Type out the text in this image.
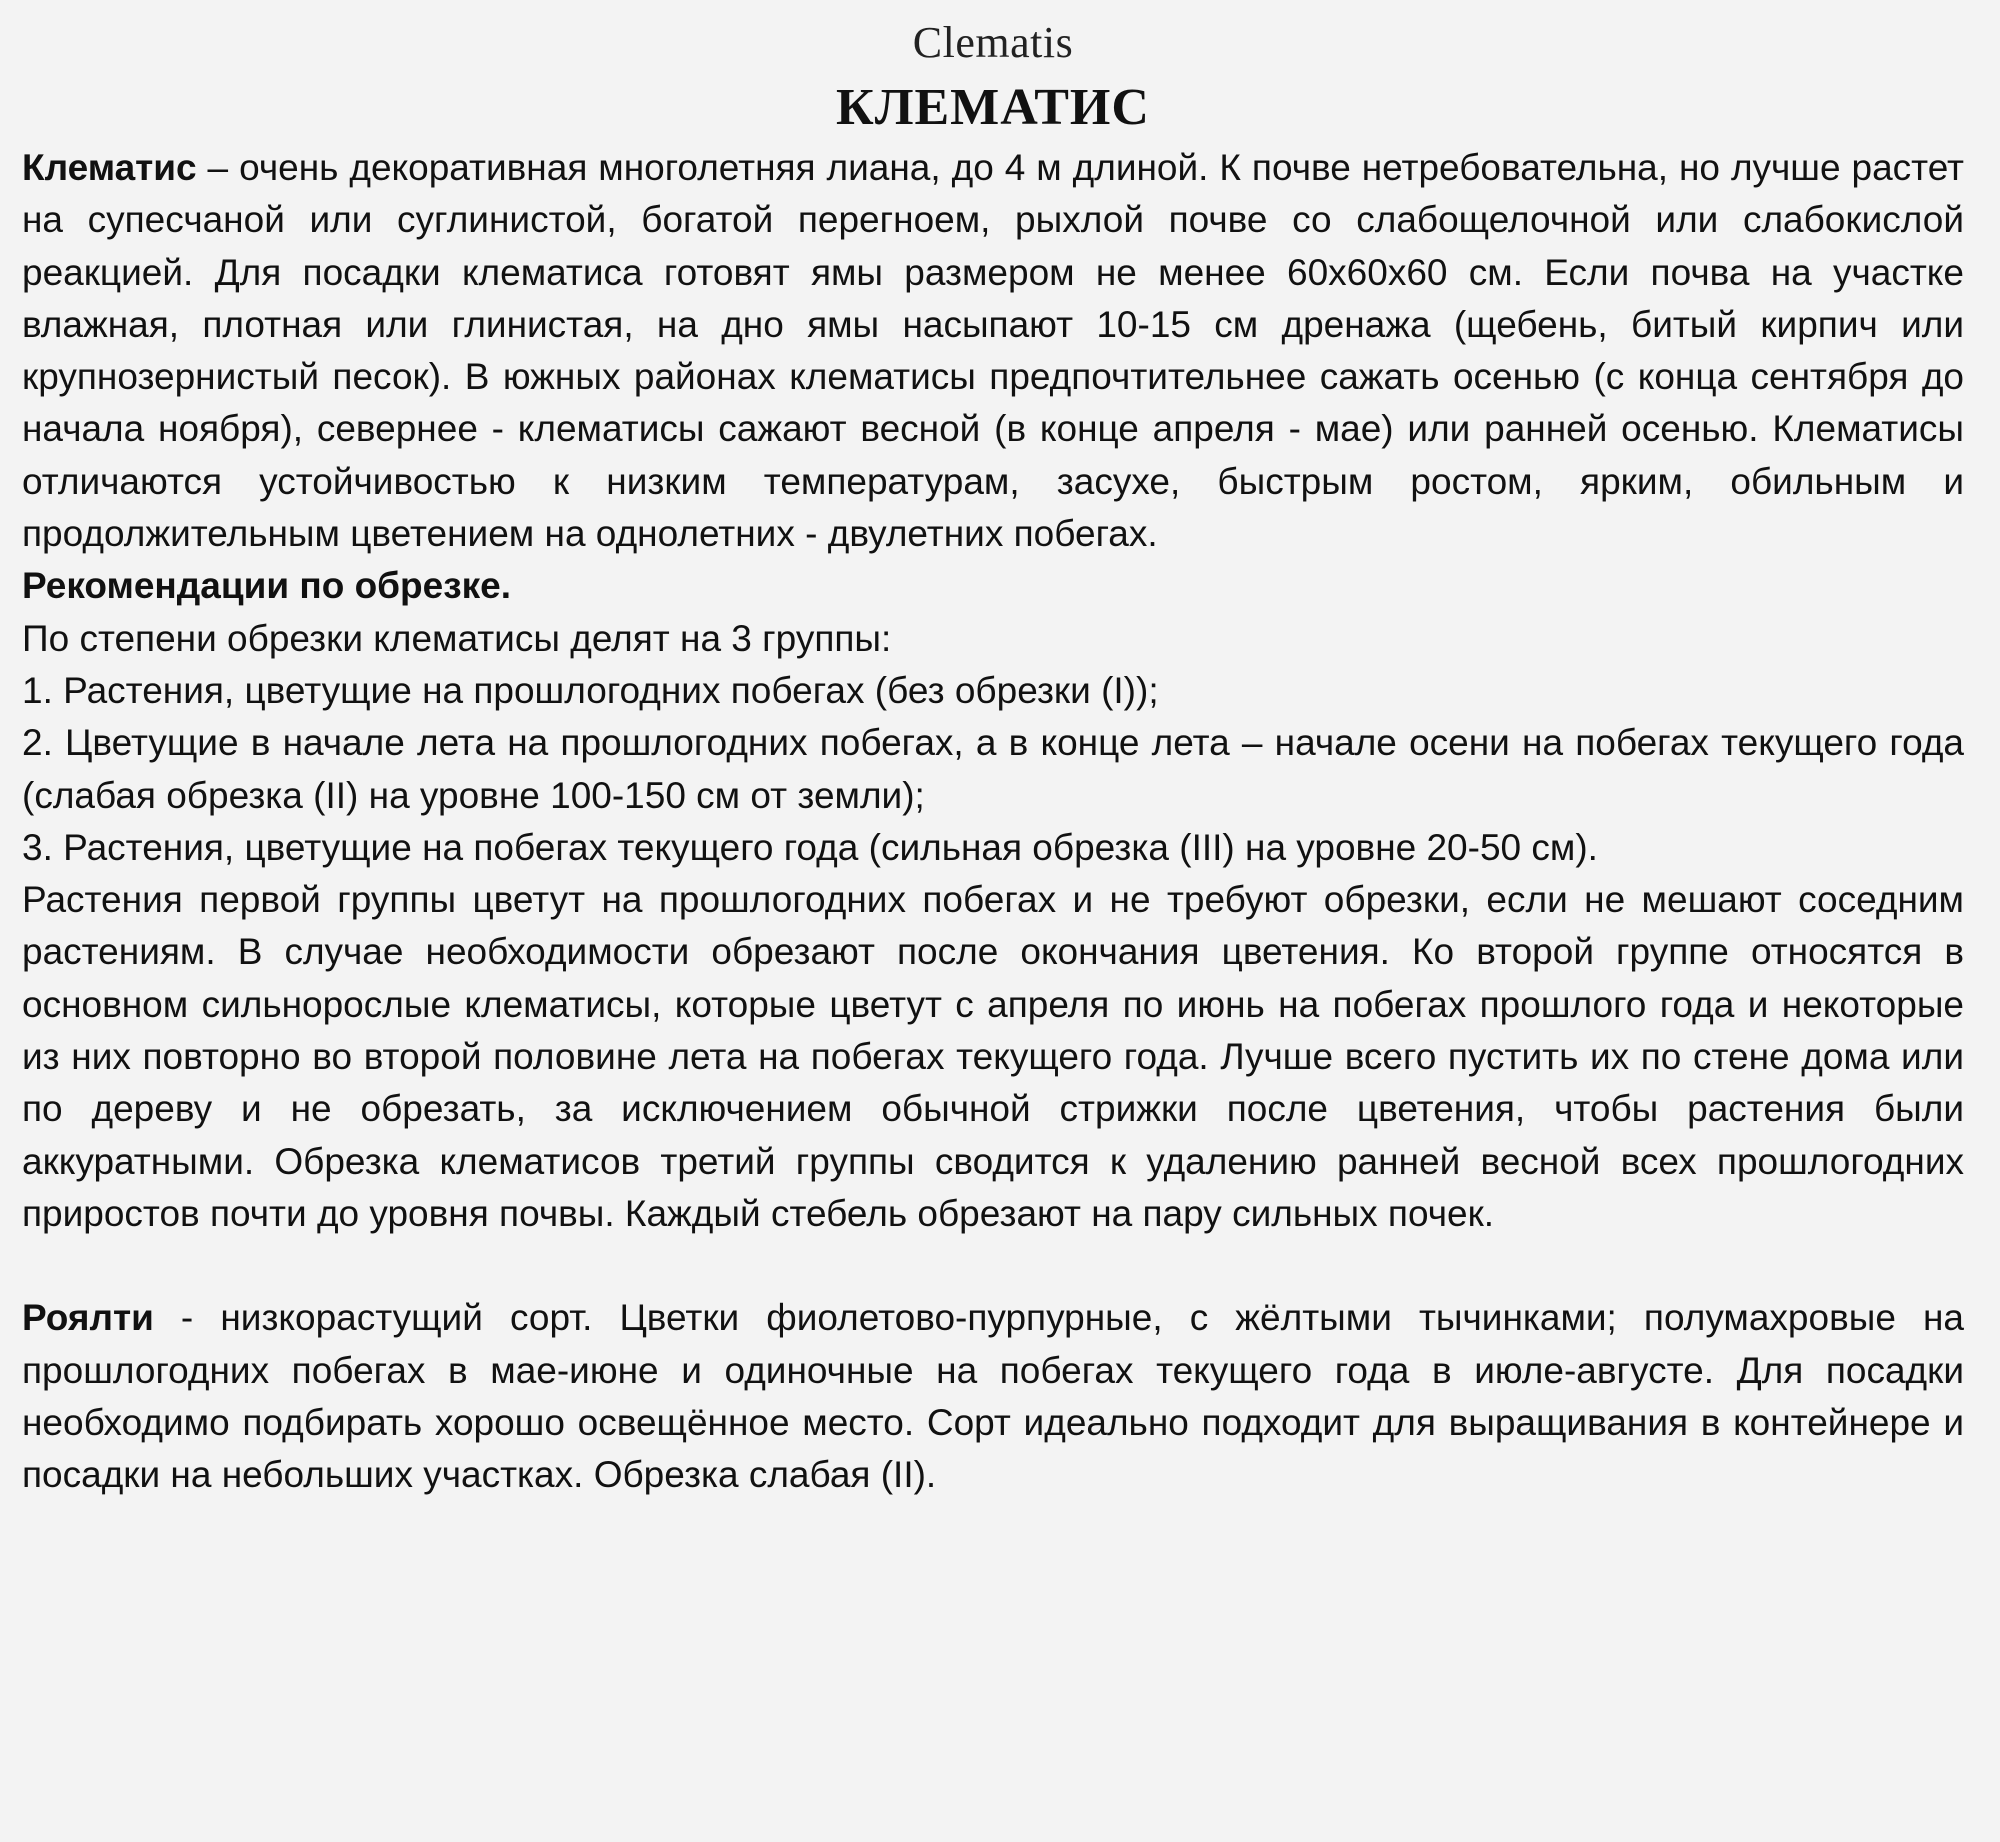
Clematis
КЛЕМАТИС

Клематис – очень декоративная многолетняя лиана, до 4 м длиной. К почве нетребовательна, но лучше растет на супесчаной или суглинистой, богатой перегноем, рыхлой почве со слабощелочной или слабокислой реакцией. Для посадки клематиса готовят ямы размером не менее 60х60х60 см. Если почва на участке влажная, плотная или глинистая, на дно ямы насыпают 10-15 см дренажа (щебень, битый кирпич или крупнозернистый песок). В южных районах клематисы предпочтительнее сажать осенью (с конца сентября до начала ноября), севернее - клематисы сажают весной (в конце апреля - мае) или ранней осенью. Клематисы отличаются устойчивостью к низким температурам, засухе, быстрым ростом, ярким, обильным и продолжительным цветением на однолетних - двулетних побегах.

Рекомендации по обрезке.

По степени обрезки клематисы делят на 3 группы:

1. Растения, цветущие на прошлогодних побегах (без обрезки (I));

2. Цветущие в начале лета на прошлогодних побегах, а в конце лета – начале осени на побегах текущего года (слабая обрезка (II) на уровне 100-150 см от земли);

3. Растения, цветущие на побегах текущего года (сильная обрезка (III) на уровне 20-50 см).

Растения первой группы цветут на прошлогодних побегах и не требуют обрезки, если не мешают соседним растениям. В случае необходимости обрезают после окончания цветения. Ко второй группе относятся в основном сильнорослые клематисы, которые цветут с апреля по июнь на побегах прошлого года и некоторые из них повторно во второй половине лета на побегах текущего года. Лучше всего пустить их по стене дома или по дереву и не обрезать, за исключением обычной стрижки после цветения, чтобы растения были аккуратными. Обрезка клематисов третий группы сводится к удалению ранней весной всех прошлогодних приростов почти до уровня почвы. Каждый стебель обрезают на пару сильных почек.

Роялти - низкорастущий сорт. Цветки фиолетово-пурпурные, с жёлтыми тычинками; полумахровые на прошлогодних побегах в мае-июне и одиночные на побегах текущего года в июле-августе. Для посадки необходимо подбирать хорошо освещённое место. Сорт идеально подходит для выращивания в контейнере и посадки на небольших участках. Обрезка слабая (II).
